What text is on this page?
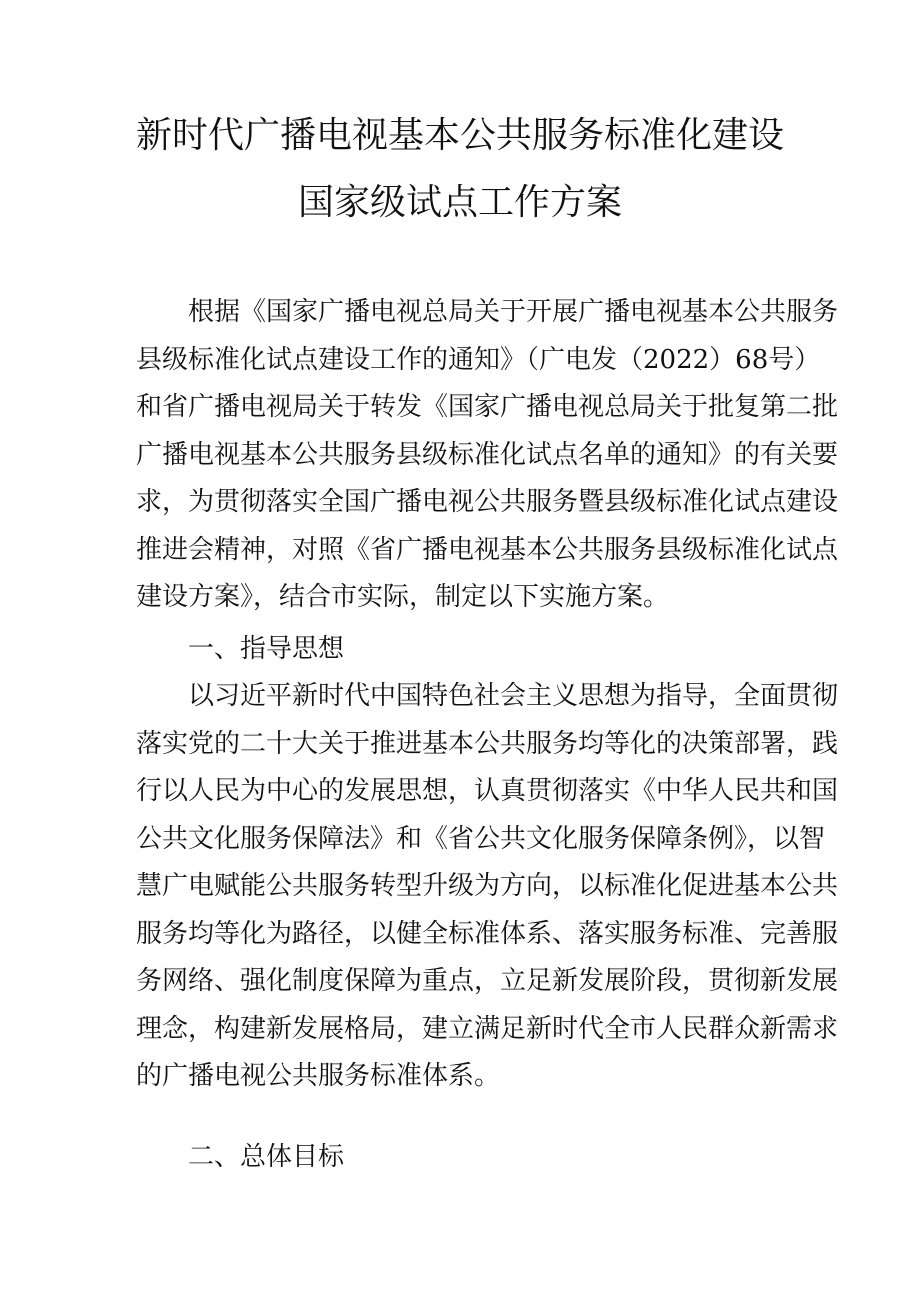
新时代广播电视基本公共服务标准化建设
国家级试点工作方案
根据《国家广播电视总局关于开展广播电视基本公共服务
县级标准化试点建设工作的通知》（广电发（2022）68号）
和省广播电视局关于转发《国家广播电视总局关于批复第二批
广播电视基本公共服务县级标准化试点名单的通知》的有关要
求，为贯彻落实全国广播电视公共服务暨县级标准化试点建设
推进会精神，对照《省广播电视基本公共服务县级标准化试点
建设方案》，结合市实际，制定以下实施方案。
一、指导思想
以习近平新时代中国特色社会主义思想为指导，全面贯彻
落实党的二十大关于推进基本公共服务均等化的决策部署，践
行以人民为中心的发展思想，认真贯彻落实《中华人民共和国
公共文化服务保障法》和《省公共文化服务保障条例》，以智
慧广电赋能公共服务转型升级为方向，以标准化促进基本公共
服务均等化为路径，以健全标准体系、落实服务标准、完善服
务网络、强化制度保障为重点，立足新发展阶段，贯彻新发展
理念，构建新发展格局，建立满足新时代全市人民群众新需求
的广播电视公共服务标准体系。
二、总体目标
